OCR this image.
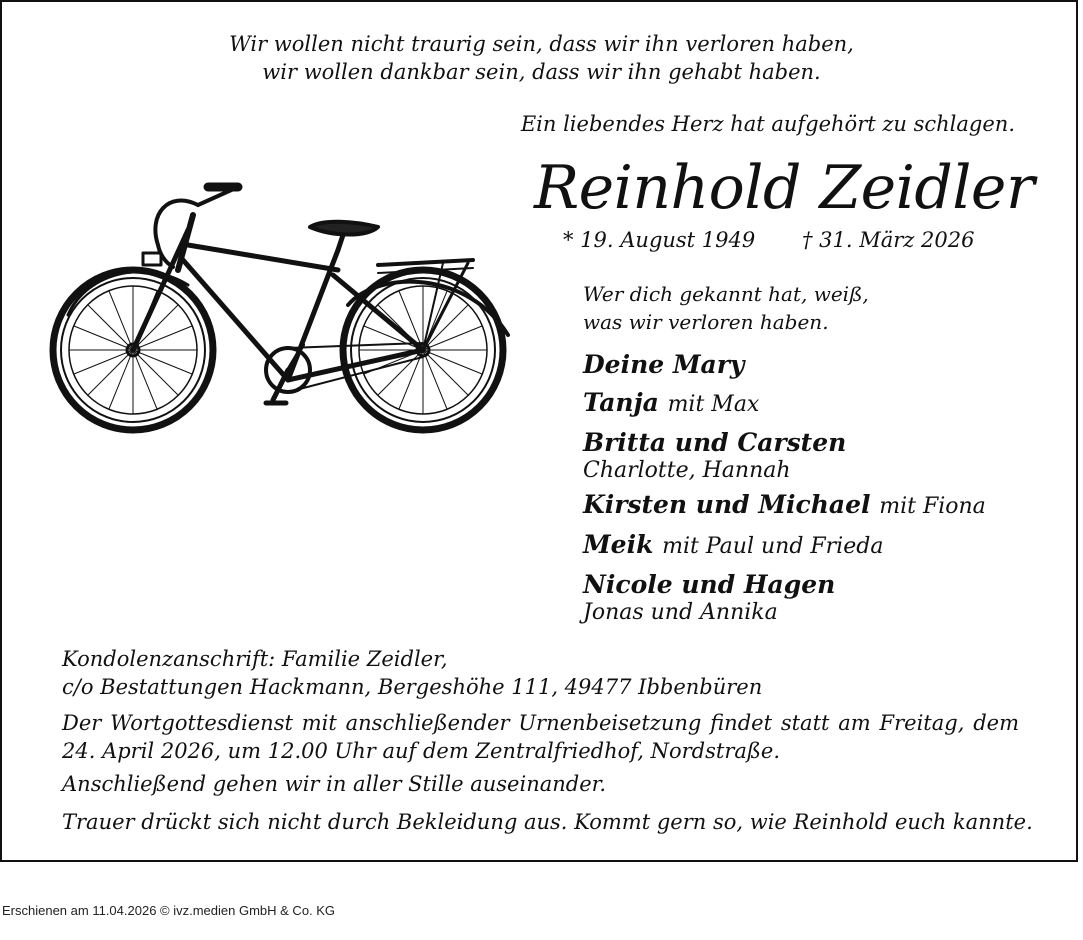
Wir wollen nicht traurig sein, dass wir ihn verloren haben,
wir wollen dankbar sein, dass wir ihn gehabt haben.
Ein liebendes Herz hat aufgehört zu schlagen.
Reinhold Zeidler
* 19. August 1949 † 31. März 2026
Wer dich gekannt hat, weiß,
was wir verloren haben.
Deine Mary
Tanja mit Max
Britta und Carsten
Charlotte, Hannah
Kirsten und Michael mit Fiona
Meik mit Paul und Frieda
Nicole und Hagen
Jonas und Annika
Kondolenzanschrift: Familie Zeidler,
c/o Bestattungen Hackmann, Bergeshöhe 111, 49477 Ibbenbüren
Der Wortgottesdienst mit anschließender Urnenbeisetzung findet statt am Freitag, dem 24. April 2026, um 12.00 Uhr auf dem Zentralfriedhof, Nordstraße.
Anschließend gehen wir in aller Stille auseinander.
Trauer drückt sich nicht durch Bekleidung aus. Kommt gern so, wie Reinhold euch kannte.
Erschienen am 11.04.2026 © ivz.medien GmbH & Co. KG
